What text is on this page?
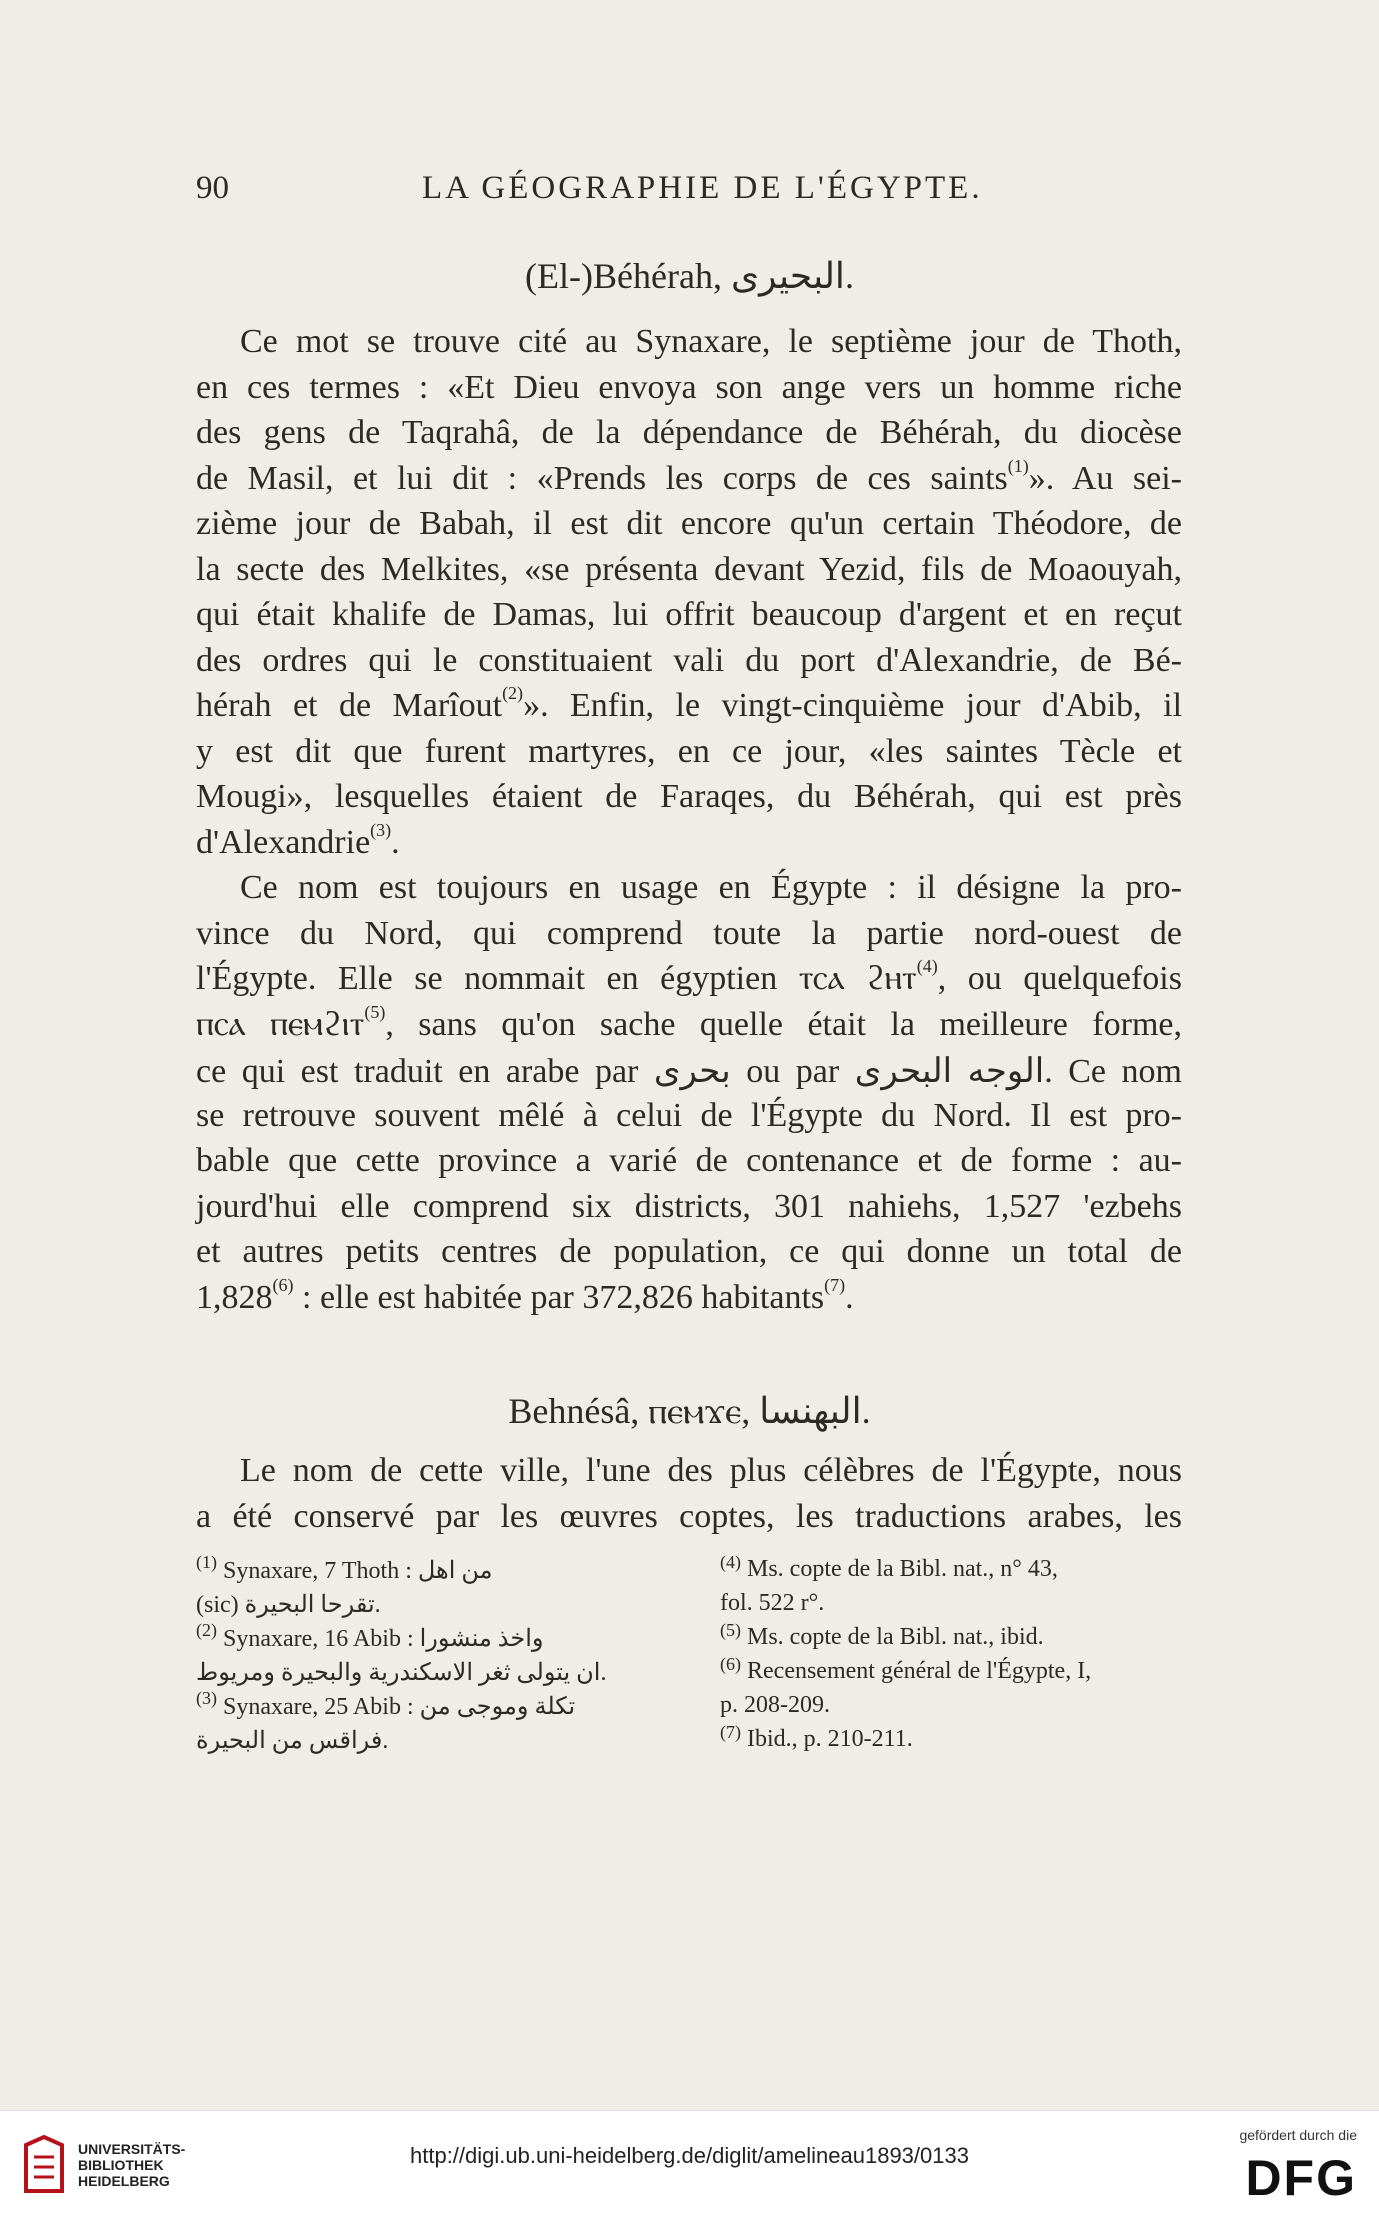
90	LA GÉOGRAPHIE DE L'ÉGYPTE.
(El-)Béhérah, البحيرى.
Ce mot se trouve cité au Synaxare, le septième jour de Thoth,
en ces termes : «Et Dieu envoya son ange vers un homme riche
des gens de Taqrahâ, de la dépendance de Béhérah, du diocèse
de Masil, et lui dit : «Prends les corps de ces saints$^{(1)}$». Au sei-
zième jour de Babah, il est dit encore qu'un certain Théodore, de
la secte des Melkites, «se présenta devant Yezid, fils de Moaouyah,
qui était khalife de Damas, lui offrit beaucoup d'argent et en reçut
des ordres qui le constituaient vali du port d'Alexandrie, de Bé-
hérah et de Marîout$^{(2)}$». Enfin, le vingt-cinquième jour d'Abib, il
y est dit que furent martyres, en ce jour, «les saintes Tècle et
Mougi», lesquelles étaient de Faraqes, du Béhérah, qui est près
d'Alexandrie$^{(3)}$.
Ce nom est toujours en usage en Égypte : il désigne la pro-
vince du Nord, qui comprend toute la partie nord-ouest de
l'Égypte. Elle se nommait en égyptien ⲧⲥⲁ ϩⲏⲧ$^{(4)}$, ou quelquefois
ⲡⲥⲁ ⲡⲉⲙϩⲓⲧ$^{(5)}$, sans qu'on sache quelle était la meilleure forme,
ce qui est traduit en arabe par بحرى ou par الوجه البحرى. Ce nom
se retrouve souvent mêlé à celui de l'Égypte du Nord. Il est pro-
bable que cette province a varié de contenance et de forme : au-
jourd'hui elle comprend six districts, 301 nahiehs, 1,527 'ezbehs
et autres petits centres de population, ce qui donne un total de
1,828$^{(6)}$ : elle est habitée par 372,826 habitants$^{(7)}$.
Behnésâ, ⲡⲉⲙϫⲉ, البهنسا.
Le nom de cette ville, l'une des plus célèbres de l'Égypte, nous
a été conservé par les œuvres coptes, les traductions arabes, les
$^{(1)}$ Synaxare, 7 Thoth : من اهل
(sic) تقرحا البحيرة.
$^{(2)}$ Synaxare, 16 Abib : واخذ منشورا
ان يتولى ثغر الاسكندرية والبحيرة ومريوط.
$^{(3)}$ Synaxare, 25 Abib : تكلة وموجى من
فراقس من البحيرة.
$^{(4)}$ Ms. copte de la Bibl. nat., n° 43,
fol. 522 r°.
$^{(5)}$ Ms. copte de la Bibl. nat., ibid.
$^{(6)}$ Recensement général de l'Égypte, I,
p. 208-209.
$^{(7)}$ Ibid., p. 210-211.
UNIVERSITÄTS-
BIBLIOTHEK
HEIDELBERG
http://digi.ub.uni-heidelberg.de/diglit/amelineau1893/0133
gefördert durch die
DFG
